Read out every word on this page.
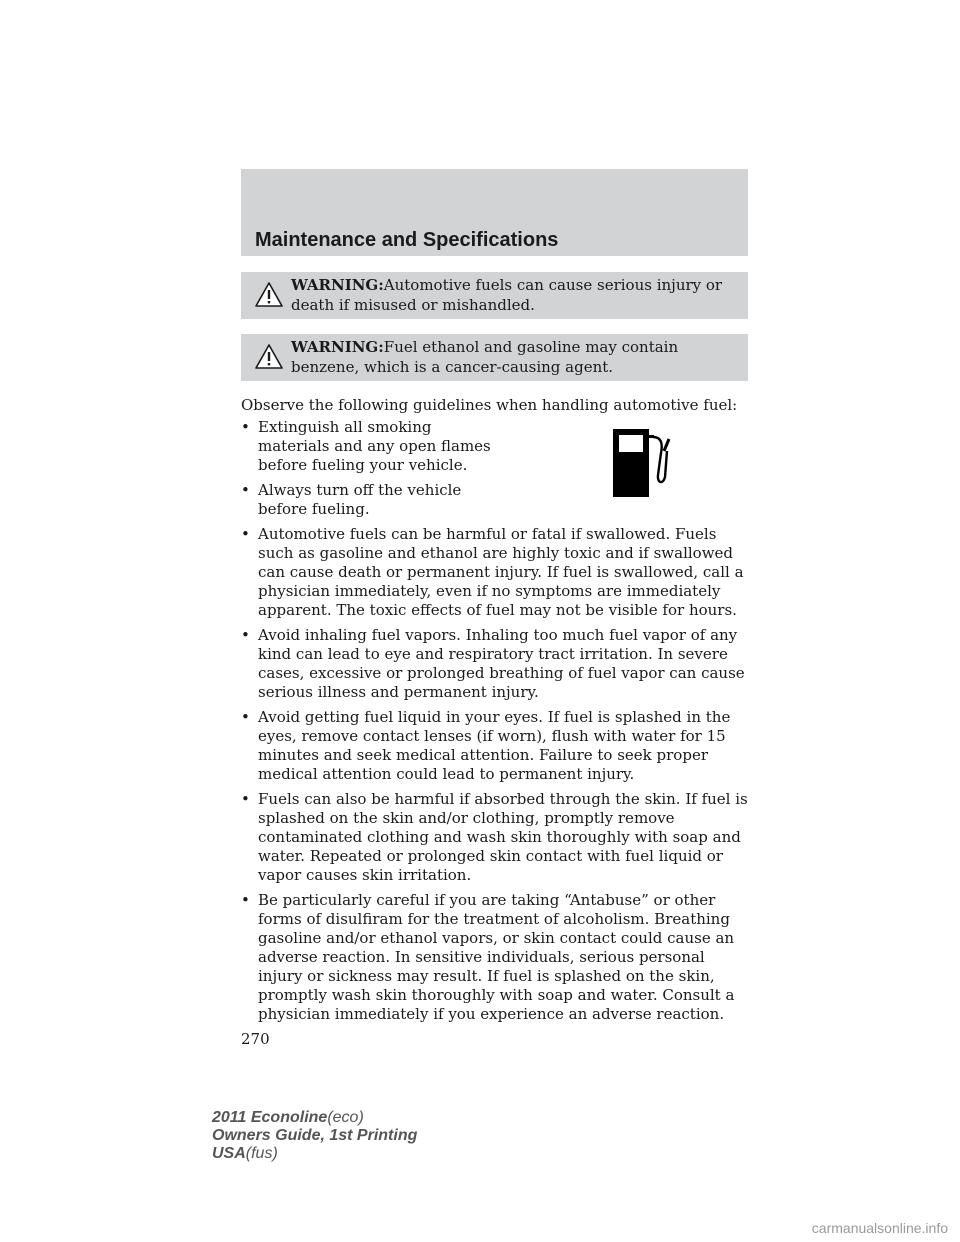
Maintenance and Specifications
WARNING:Automotive fuels can cause serious injury or death if misused or mishandled.
WARNING:Fuel ethanol and gasoline may contain benzene, which is a cancer-causing agent.

Observe the following guidelines when handling automotive fuel:

• Extinguish all smoking materials and any open flames before fueling your vehicle.
• Always turn off the vehicle before fueling.
• Automotive fuels can be harmful or fatal if swallowed. Fuels such as gasoline and ethanol are highly toxic and if swallowed can cause death or permanent injury. If fuel is swallowed, call a physician immediately, even if no symptoms are immediately apparent. The toxic effects of fuel may not be visible for hours.
• Avoid inhaling fuel vapors. Inhaling too much fuel vapor of any kind can lead to eye and respiratory tract irritation. In severe cases, excessive or prolonged breathing of fuel vapor can cause serious illness and permanent injury.
• Avoid getting fuel liquid in your eyes. If fuel is splashed in the eyes, remove contact lenses (if worn), flush with water for 15 minutes and seek medical attention. Failure to seek proper medical attention could lead to permanent injury.
• Fuels can also be harmful if absorbed through the skin. If fuel is splashed on the skin and/or clothing, promptly remove contaminated clothing and wash skin thoroughly with soap and water. Repeated or prolonged skin contact with fuel liquid or vapor causes skin irritation.
• Be particularly careful if you are taking “Antabuse” or other forms of disulfiram for the treatment of alcoholism. Breathing gasoline and/or ethanol vapors, or skin contact could cause an adverse reaction. In sensitive individuals, serious personal injury or sickness may result. If fuel is splashed on the skin, promptly wash skin thoroughly with soap and water. Consult a physician immediately if you experience an adverse reaction.
270
2011 Econoline(eco)
Owners Guide, 1st Printing
USA(fus)
carmanualsonline.info
